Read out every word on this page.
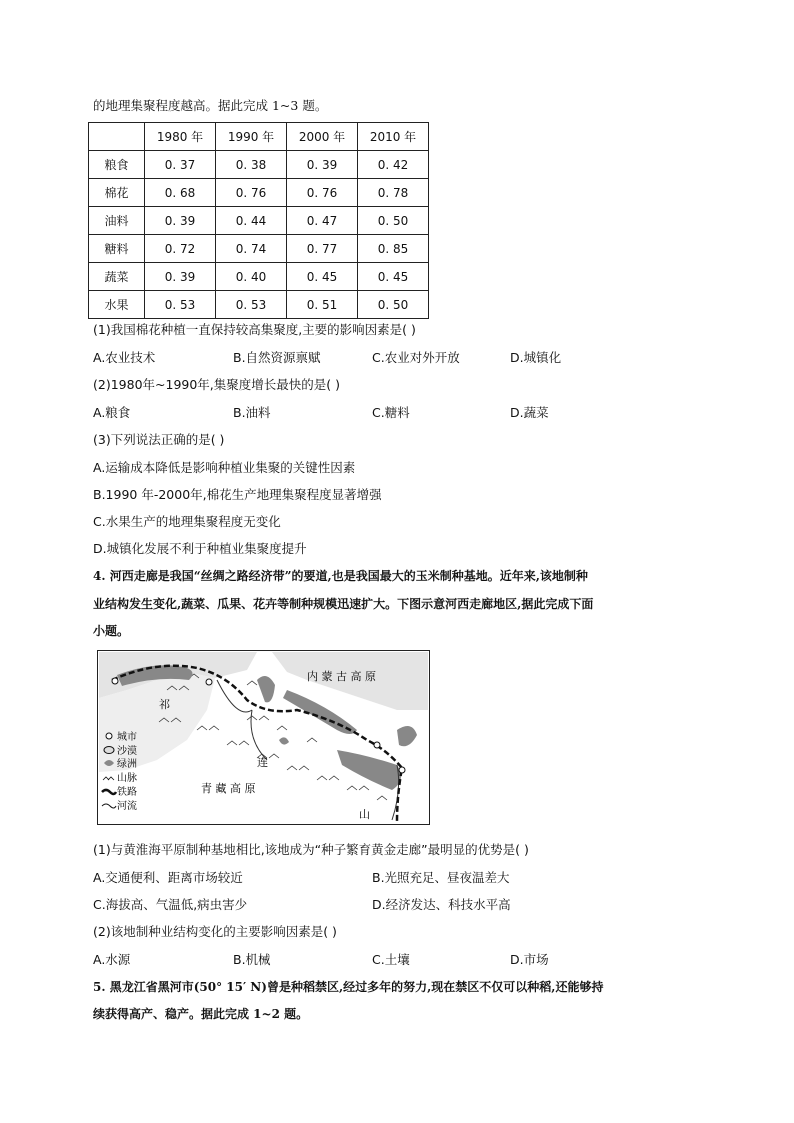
的地理集聚程度越高。据此完成 1~3 题。
	1980 年	1990 年	2000 年	2010 年
粮食	0. 37	0. 38	0. 39	0. 42
棉花	0. 68	0. 76	0. 76	0. 78
油料	0. 39	0. 44	0. 47	0. 50
糖料	0. 72	0. 74	0. 77	0. 85
蔬菜	0. 39	0. 40	0. 45	0. 45
水果	0. 53	0. 53	0. 51	0. 50
(1)我国棉花种植一直保持较高集聚度,主要的影响因素是( )
A.农业技术	B.自然资源禀赋	C.农业对外开放	D.城镇化
(2)1980年~1990年,集聚度增长最快的是( )
A.粮食	B.油料	C.糖料	D.蔬菜
(3)下列说法正确的是( )
A.运输成本降低是影响种植业集聚的关键性因素
B.1990 年-2000年,棉花生产地理集聚程度显著增强
C.水果生产的地理集聚程度无变化
D.城镇化发展不利于种植业集聚度提升
4. 河西走廊是我国“丝绸之路经济带”的要道,也是我国最大的玉米制种基地。近年来,该地制种
业结构发生变化,蔬菜、瓜果、花卉等制种规模迅速扩大。下图示意河西走廊地区,据此完成下面
小题。
内 蒙 古 高 原
祁
连
山
青 藏 高 原
城市
沙漠
绿洲
山脉
铁路
河流
(1)与黄淮海平原制种基地相比,该地成为“种子繁育黄金走廊”最明显的优势是( )
A.交通便利、距离市场较近	B.光照充足、昼夜温差大
C.海拔高、气温低,病虫害少	D.经济发达、科技水平高
(2)该地制种业结构变化的主要影响因素是( )
A.水源	B.机械	C.土壤	D.市场
5. 黑龙江省黑河市(50° 15′ N)曾是种稻禁区,经过多年的努力,现在禁区不仅可以种稻,还能够持
续获得高产、稳产。据此完成 1~2 题。
